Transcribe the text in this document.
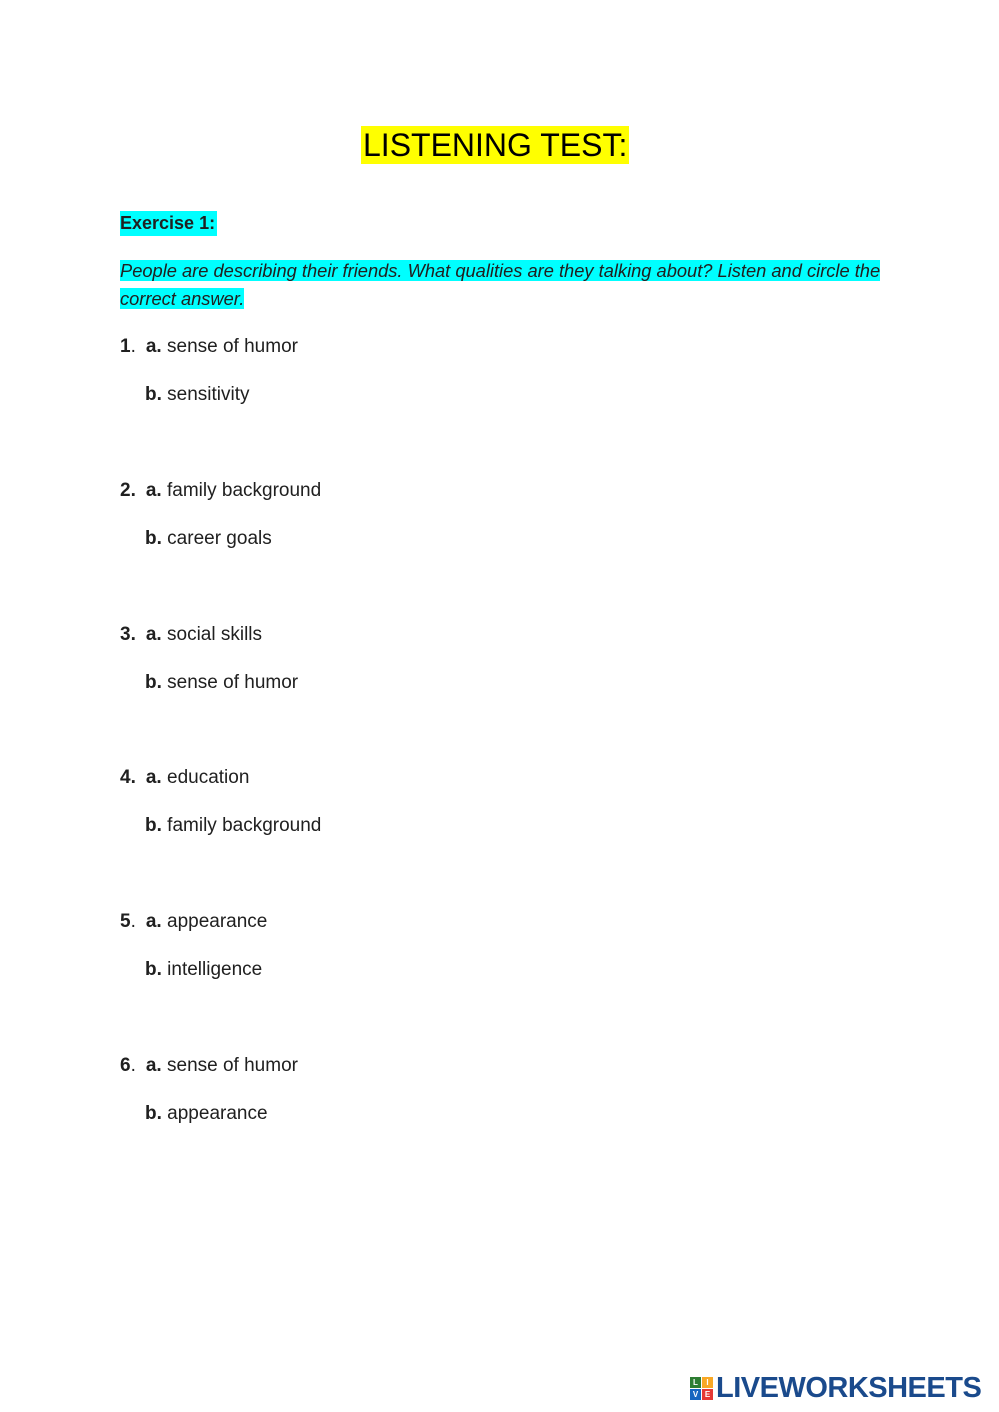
LISTENING TEST:
Exercise 1:
People are describing their friends. What qualities are they talking about? Listen and circle the correct answer.
1. a. sense of humor
b. sensitivity
2. a. family background
b. career goals
3. a. social skills
b. sense of humor
4. a. education
b. family background
5. a. appearance
b. intelligence
6. a. sense of humor
b. appearance
L	I
V E LIVEWORKSHEETS
